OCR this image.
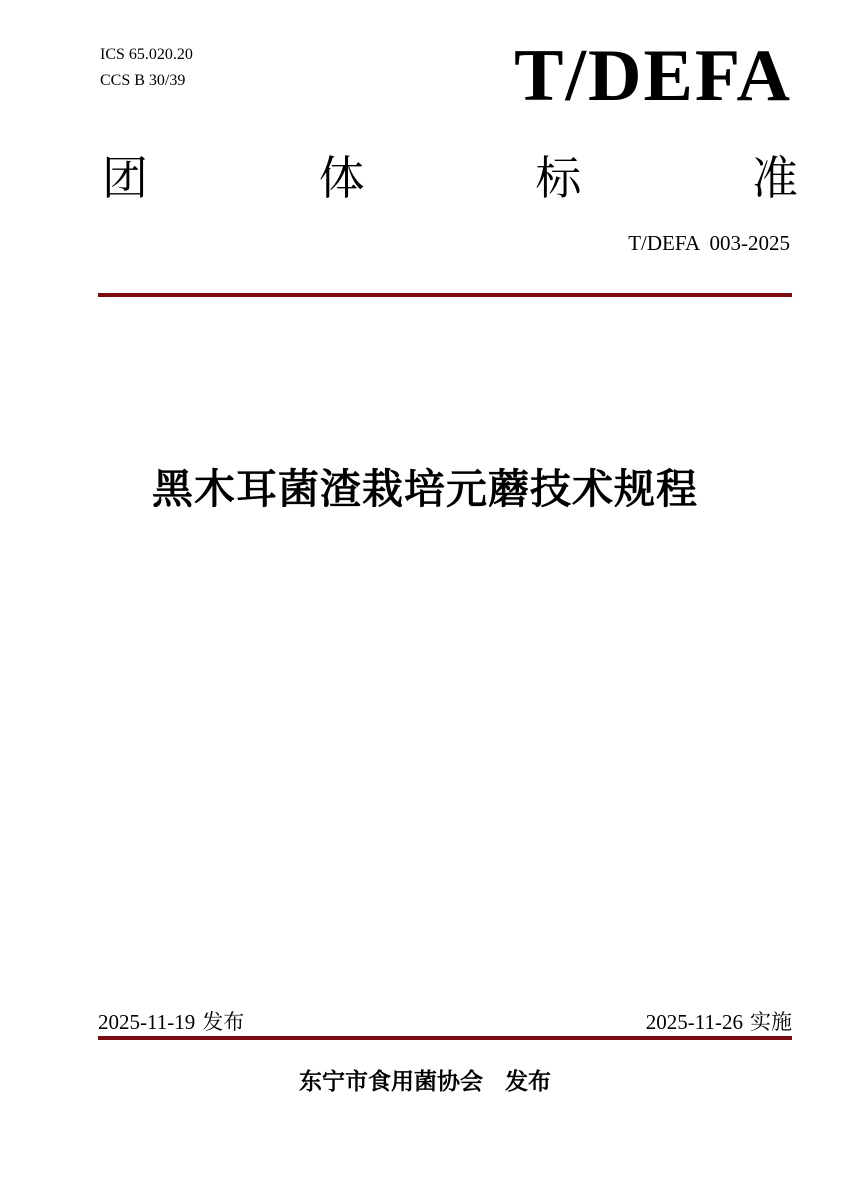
ICS 65.020.20
CCS B 30/39	T/DEFA
团	体	标	准
T/DEFA  003-2025
黑木耳菌渣栽培元蘑技术规程
2025-11-19 发布	2025-11-26 实施
东宁市食用菌协会 发布
